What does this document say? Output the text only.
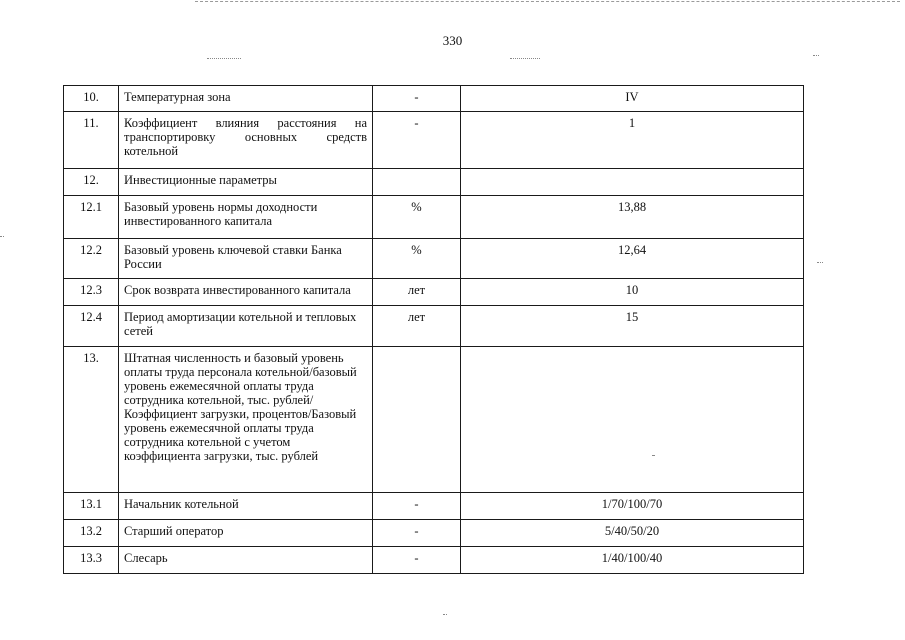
330
10.	Температурная зона	-	IV
11.	Коэффициент влияния расстояния на транспортировку основных средств котельной	-	1
12.	Инвестиционные параметры		
12.1	Базовый уровень нормы доходности инвестированного капитала	%	13,88
12.2	Базовый уровень ключевой ставки Банка России	%	12,64
12.3	Срок возврата инвестированного капитала	лет	10
12.4	Период амортизации котельной и тепловых сетей	лет	15
13.	Штатная численность и базовый уровень оплаты труда персонала котельной/базовый уровень ежемесячной оплаты труда сотрудника котельной, тыс. рублей/Коэффициент загрузки, процентов/Базовый уровень ежемесячной оплаты труда сотрудника котельной с учетом коэффициента загрузки, тыс. рублей		
13.1	Начальник котельной	-	1/70/100/70
13.2	Старший оператор	-	5/40/50/20
13.3	Слесарь	-	1/40/100/40
